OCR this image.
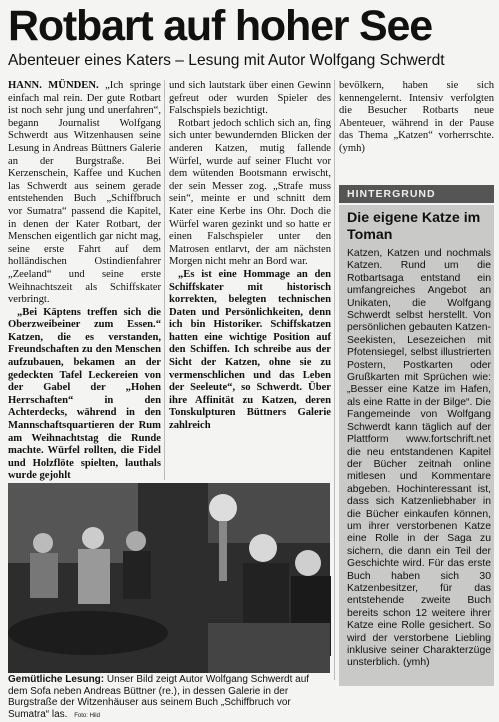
Rotbart auf hoher See
Abenteuer eines Katers – Lesung mit Autor Wolfgang Schwerdt

HANN. MÜNDEN. „Ich springe einfach mal rein. Der gute Rotbart ist noch sehr jung und unerfahren“, begann Journalist Wolfgang Schwerdt aus Witzenhausen seine Lesung in Andreas Büttners Galerie an der Burgstraße. Bei Kerzenschein, Kaffee und Kuchen las Schwerdt aus seinem gerade entstehenden Buch „Schiffbruch vor Sumatra“ passend die Kapitel, in denen der Kater Rotbart, der Menschen eigentlich gar nicht mag, seine erste Fahrt auf dem holländischen Ostindienfahrer „Zeeland“ und seine erste Weihnachtszeit als Schiffskater verbringt.

„Bei Käptens treffen sich die Oberzweibeiner zum Essen.“ Katzen, die es verstanden, Freundschaften zu den Menschen aufzubauen, bekamen an der gedeckten Tafel Leckereien von der Gabel der „Hohen Herrschaften“ in den Achterdecks, während in den Mannschaftsquartieren der Rum am Weihnachtstag die Runde machte. Würfel rollten, die Fidel und Holzflöte spielten, lauthals wurde gejohlt

und sich lautstark über einen Gewinn gefreut oder wurden Spieler des Falschspiels bezichtigt.

Rotbart jedoch schlich sich an, fing sich unter bewundernden Blicken der anderen Katzen, mutig fallende Würfel, wurde auf seiner Flucht vor dem wütenden Bootsmann erwischt, der sein Messer zog. „Strafe muss sein“, meinte er und schnitt dem Kater eine Kerbe ins Ohr. Doch die Würfel waren gezinkt und so hatte er einen Falschspieler unter den Matrosen entlarvt, der am nächsten Morgen nicht mehr an Bord war.

„Es ist eine Hommage an den Schiffskater mit historisch korrekten, belegten technischen Daten und Persönlichkeiten, denn ich bin Historiker. Schiffskatzen hatten eine wichtige Position auf den Schiffen. Ich schreibe aus der Sicht der Katzen, ohne sie zu vermenschlichen und das Leben der Seeleute“, so Schwerdt. Über ihre Affinität zu Katzen, deren Tonskulpturen Büttners Galerie zahlreich

bevölkern, haben sie sich kennengelernt. Intensiv verfolgten die Besucher Rotbarts neue Abenteuer, während in der Pause das Thema „Katzen“ vorherrschte. (ymh)

HINTERGRUND
Die eigene Katze im Toman
Katzen, Katzen und nochmals Katzen. Rund um die Rotbartsaga entstand ein umfangreiches Angebot an Unikaten, die Wolfgang Schwerdt selbst herstellt. Von persönlichen gebauten Katzen-Seekisten, Lesezeichen mit Pfotensiegel, selbst illustrierten Postern, Postkarten oder Grußkarten mit Sprüchen wie: „Besser eine Katze im Hafen, als eine Ratte in der Bilge“. Die Fangemeinde von Wolfgang Schwerdt kann täglich auf der Plattform www.fortschrift.net die neu entstandenen Kapitel der Bücher zeitnah online mitlesen und Kommentare abgeben. Hochinteressant ist, dass sich Katzenliebhaber in die Bücher einkaufen können, um ihrer verstorbenen Katze eine Rolle in der Saga zu sichern, die dann ein Teil der Geschichte wird. Für das erste Buch haben sich 30 Katzenbesitzer, für das entstehende zweite Buch bereits schon 12 weitere ihrer Katze eine Rolle gesichert. So wird der verstorbene Liebling inklusive seiner Charakterzüge unsterblich. (ymh)
Gemütliche Lesung: Unser Bild zeigt Autor Wolfgang Schwerdt auf dem Sofa neben Andreas Büttner (re.), in dessen Galerie in der Burgstraße der Witzenhäuser aus seinem Buch „Schiffbruch vor Sumatra“ las. Foto: Hild
